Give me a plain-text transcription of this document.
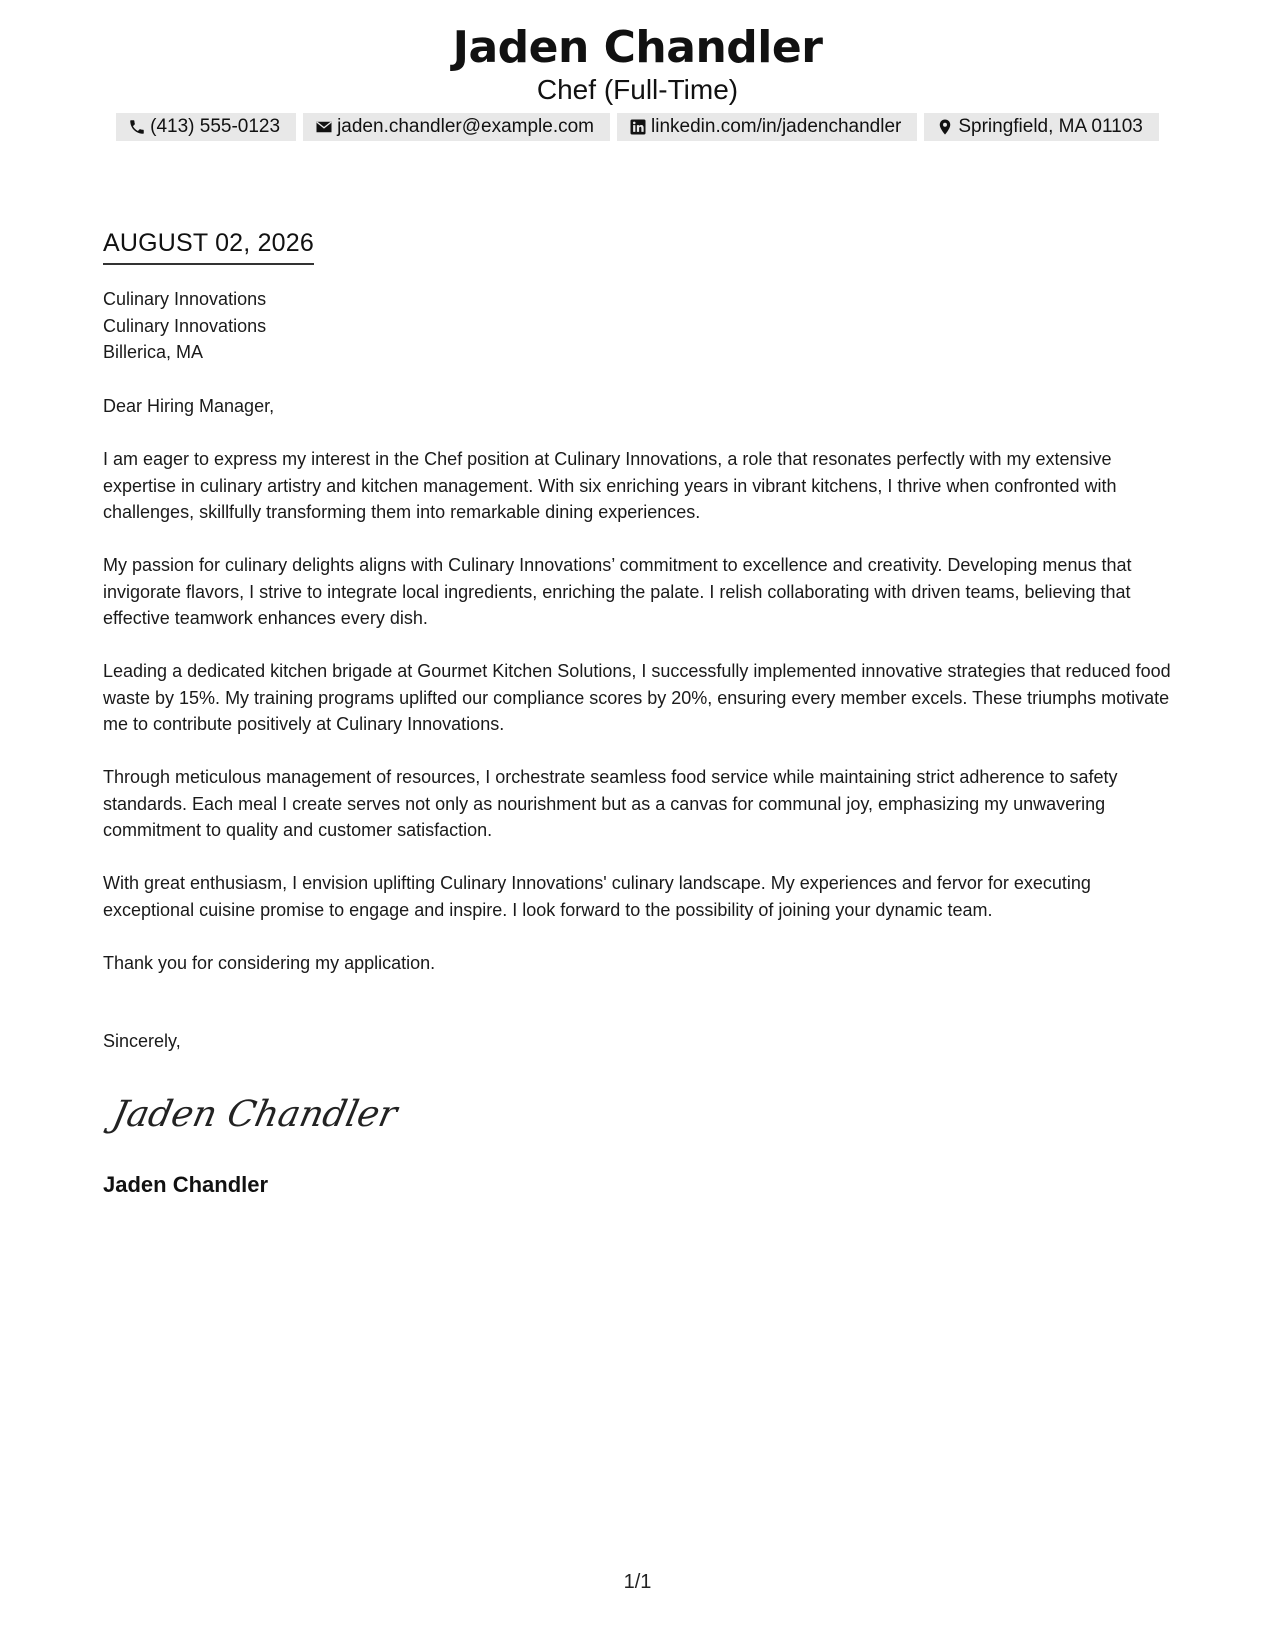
Jaden Chandler
Chef (Full-Time)
(413) 555-0123	jaden.chandler@example.com	linkedin.com/in/jadenchandler	Springfield, MA 01103
AUGUST 02, 2026
Culinary Innovations
Culinary Innovations
Billerica, MA

Dear Hiring Manager,

I am eager to express my interest in the Chef position at Culinary Innovations, a role that resonates perfectly with my extensive expertise in culinary artistry and kitchen management. With six enriching years in vibrant kitchens, I thrive when confronted with challenges, skillfully transforming them into remarkable dining experiences.

My passion for culinary delights aligns with Culinary Innovations’ commitment to excellence and creativity. Developing menus that invigorate flavors, I strive to integrate local ingredients, enriching the palate. I relish collaborating with driven teams, believing that effective teamwork enhances every dish.

Leading a dedicated kitchen brigade at Gourmet Kitchen Solutions, I successfully implemented innovative strategies that reduced food waste by 15%. My training programs uplifted our compliance scores by 20%, ensuring every member excels. These triumphs motivate me to contribute positively at Culinary Innovations.

Through meticulous management of resources, I orchestrate seamless food service while maintaining strict adherence to safety standards. Each meal I create serves not only as nourishment but as a canvas for communal joy, emphasizing my unwavering commitment to quality and customer satisfaction.

With great enthusiasm, I envision uplifting Culinary Innovations' culinary landscape. My experiences and fervor for executing exceptional cuisine promise to engage and inspire. I look forward to the possibility of joining your dynamic team.

Thank you for considering my application.

Sincerely,
Jaden Chandler
Jaden Chandler
1/1
